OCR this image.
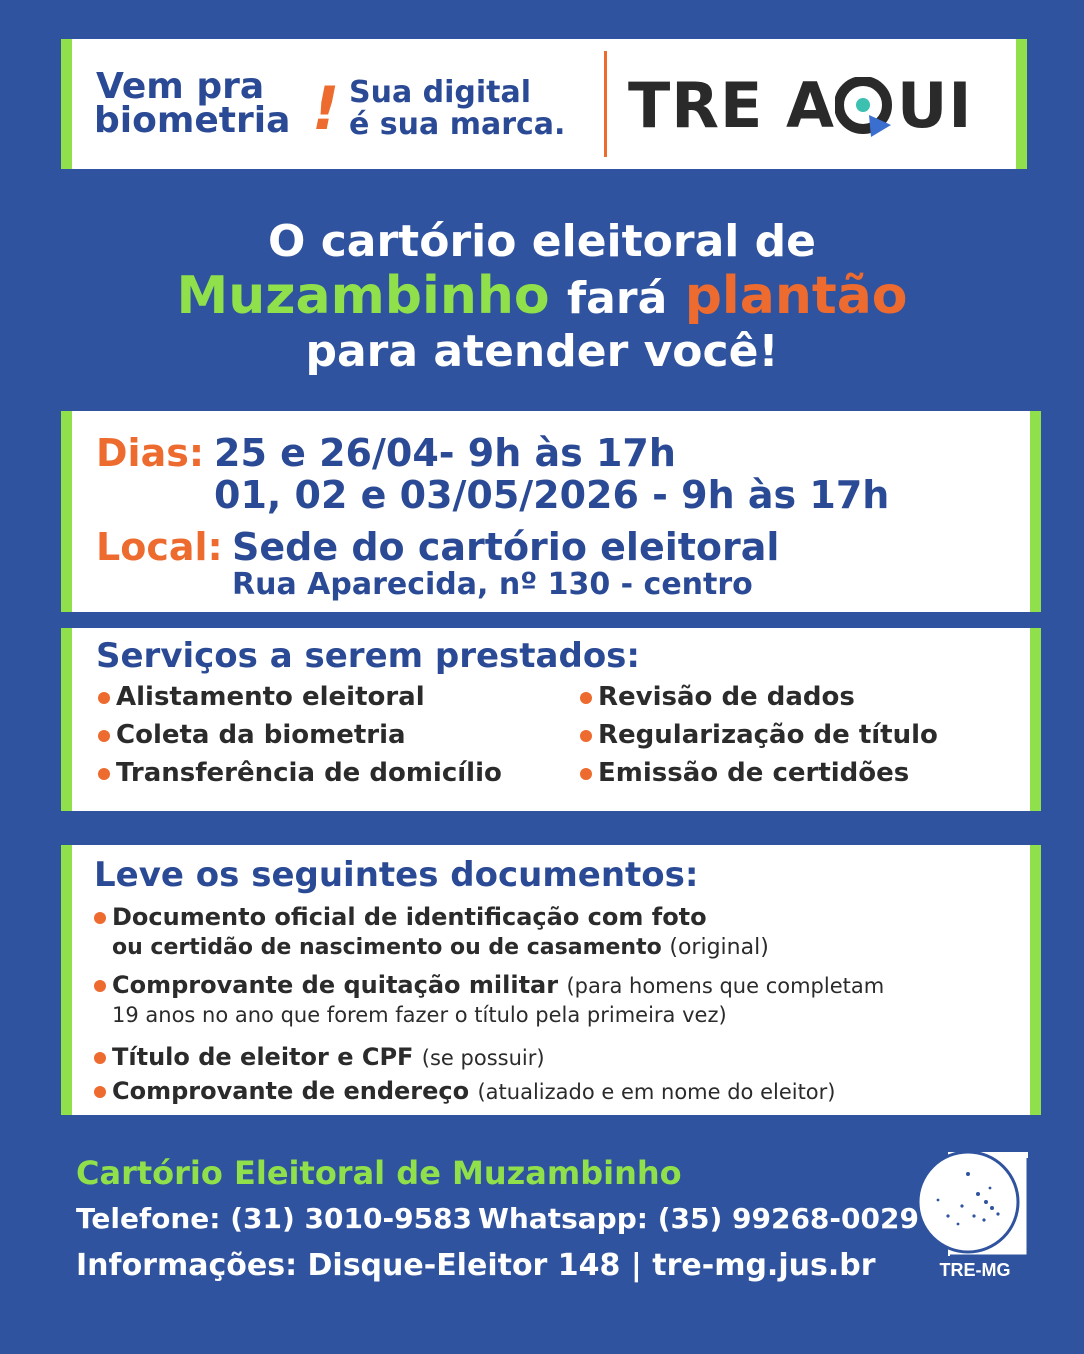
Vem pra
biometria ! Sua digital
é sua marca. TRE A UI
O cartório eleitoral de
Muzambinho fará plantão
para atender você!
Dias: 25 e 26/04- 9h às 17h
01, 02 e 03/05/2026 - 9h às 17h
Local: Sede do cartório eleitoral
Rua Aparecida, nº 130 - centro
Serviços a serem prestados:
Alistamento eleitoral
Coleta da biometria
Transferência de domicílio
Revisão de dados
Regularização de título
Emissão de certidões
Leve os seguintes documentos:
Documento oficial de identificação com foto
ou certidão de nascimento ou de casamento (original)
Comprovante de quitação militar (para homens que completam
19 anos no ano que forem fazer o título pela primeira vez)
Título de eleitor e CPF (se possuir)
Comprovante de endereço (atualizado e em nome do eleitor)
Cartório Eleitoral de Muzambinho
Telefone: (31) 3010-9583 Whatsapp: (35) 99268-0029
Informações: Disque-Eleitor 148 | tre-mg.jus.br	TRE-MG
